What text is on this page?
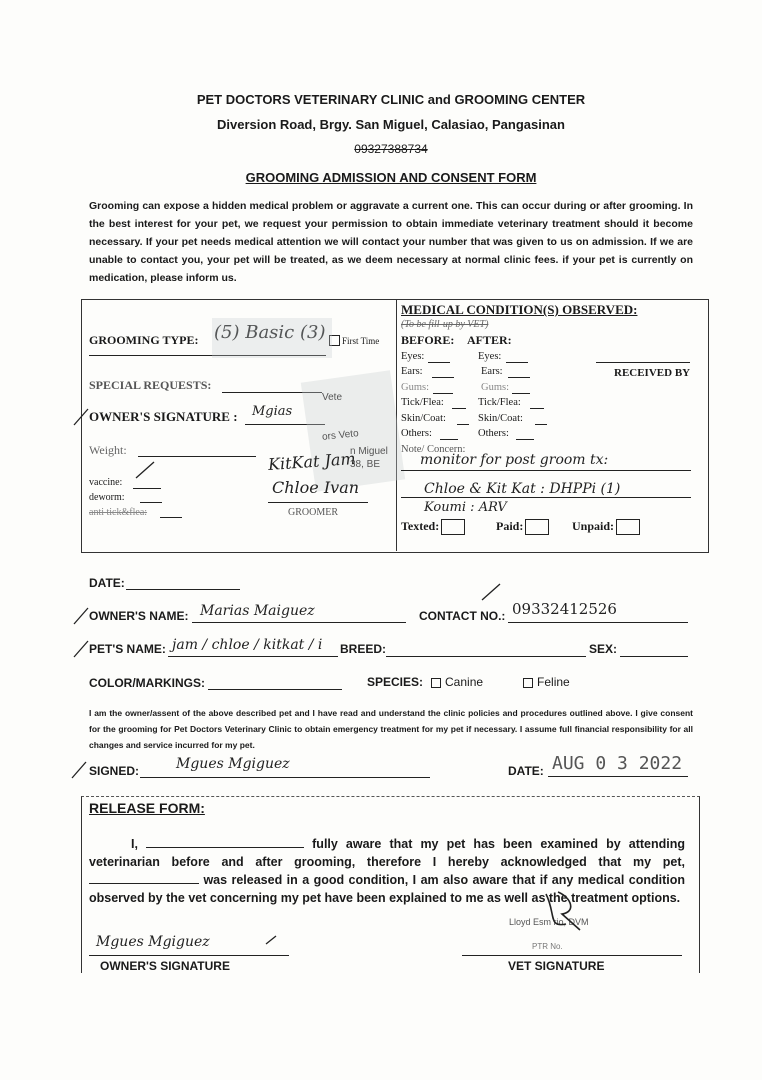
PET DOCTORS VETERINARY CLINIC and GROOMING CENTER
Diversion Road, Brgy. San Miguel, Calasiao, Pangasinan
09327388734
GROOMING ADMISSION AND CONSENT FORM
Grooming can expose a hidden medical problem or aggravate a current one. This can occur during or after grooming. In the best interest for your pet, we request your permission to obtain immediate veterinary treatment should it become necessary. If your pet needs medical attention we will contact your number that was given to us on admission. If we are unable to contact you, your pet will be treated, as we deem necessary at normal clinic fees. if your pet is currently on medication, please inform us.
GROOMING TYPE: (5) Basic (3) First Time
SPECIAL REQUESTS:
OWNER'S SIGNATURE : Mgias
Weight:
vaccine:
deworm:
anti tick&flea:
Vete
ors Veto
n Miguel
38, BE
KitKat Jam
Chloe Ivan
GROOMER
MEDICAL CONDITION(S) OBSERVED:
(To be fill-up by VET)
BEFORE: AFTER:
Eyes:	Eyes:
Ears:	Ears:
Gums:	Gums:
Tick/Flea:	Tick/Flea:
Skin/Coat:	Skin/Coat:
Others:	Others:
RECEIVED BY
Note/ Concern:
monitor for post groom tx:
Chloe & Kit Kat : DHPPi (1)
Koumi : ARV
Texted:	Paid:	Unpaid:
DATE:
OWNER'S NAME: Marias Maiguez	CONTACT NO.: 09332412526
PET'S NAME: jam / chloe / kitkat / i BREED:	SEX:
COLOR/MARKINGS:	SPECIES: Canine	Feline
I am the owner/assent of the above described pet and I have read and understand the clinic policies and procedures outlined above. I give consent for the grooming for Pet Doctors Veterinary Clinic to obtain emergency treatment for my pet if necessary. I assume full financial responsibility for all changes and service incurred for my pet.
SIGNED:	Mgues Mgiguez	DATE: AUG 0 3 2022
RELEASE FORM:
I,	fully aware that my pet has been examined by attending veterinarian before and after grooming, therefore I hereby acknowledged that my pet,  was released in a good condition, I am also aware that if any medical condition observed by the vet concerning my pet have been explained to me as well as the treatment options.
Mgues Mgiguez
OWNER'S SIGNATURE
Lloyd Esm rio, DVM
PTR No.
VET SIGNATURE
